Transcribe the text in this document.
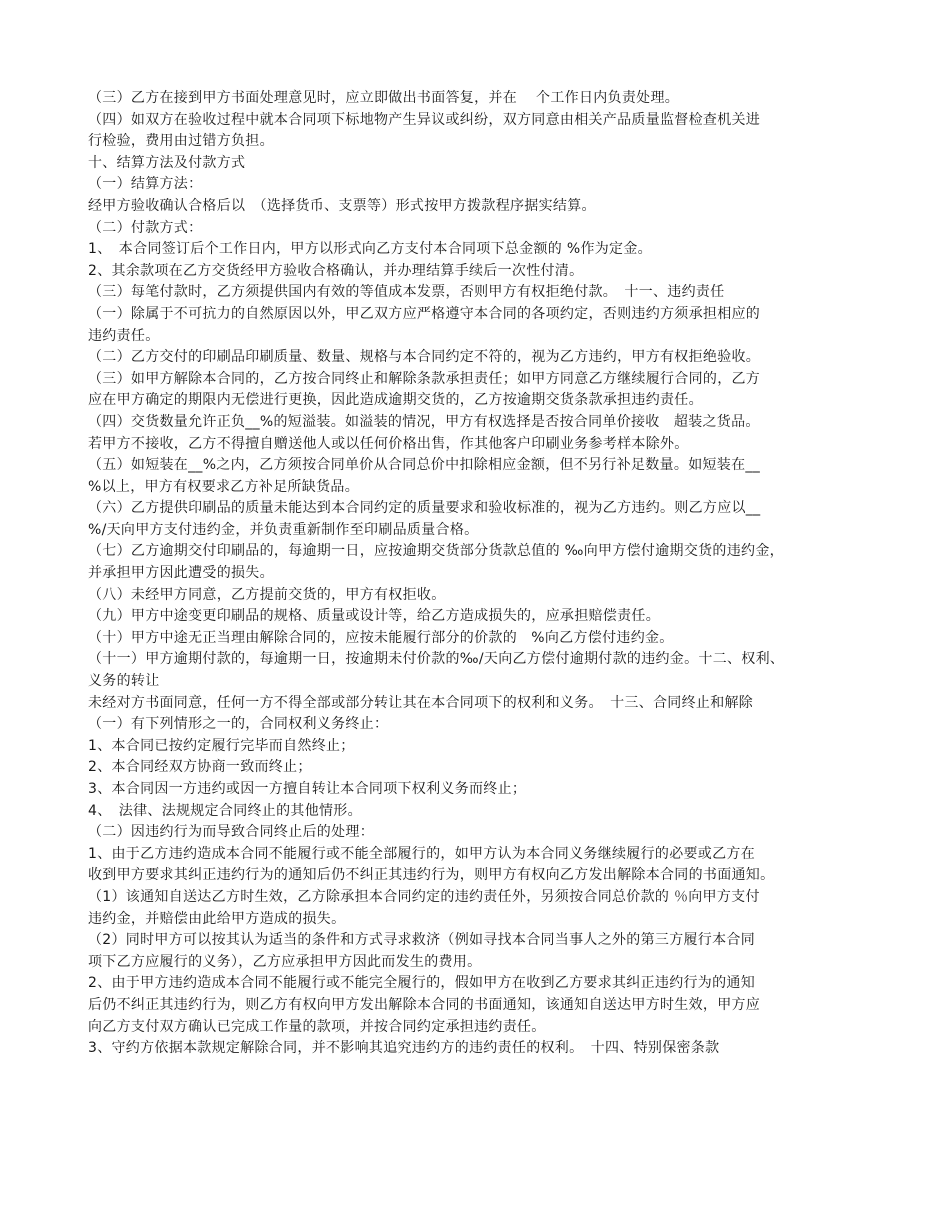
（三）乙方在接到甲方书面处理意见时，应立即做出书面答复，并在　 个工作日内负责处理。
（四）如双方在验收过程中就本合同项下标地物产生异议或纠纷，双方同意由相关产品质量监督检查机关进
行检验，费用由过错方负担。
十、结算方法及付款方式
（一）结算方法：
经甲方验收确认合格后以　（选择货币、支票等）形式按甲方拨款程序据实结算。
（二）付款方式：
1、　本合同签订后个工作日内，甲方以形式向乙方支付本合同项下总金额的 %作为定金。
2、其余款项在乙方交货经甲方验收合格确认，并办理结算手续后一次性付清。
（三）每笔付款时，乙方须提供国内有效的等值成本发票，否则甲方有权拒绝付款。　十一、违约责任
（一）除属于不可抗力的自然原因以外，甲乙双方应严格遵守本合同的各项约定，否则违约方须承担相应的
违约责任。
（二）乙方交付的印刷品印刷质量、数量、规格与本合同约定不符的，视为乙方违约，甲方有权拒绝验收。
（三）如甲方解除本合同的，乙方按合同终止和解除条款承担责任；如甲方同意乙方继续履行合同的，乙方
应在甲方确定的期限内无偿进行更换，因此造成逾期交货的，乙方按逾期交货条款承担违约责任。
（四）交货数量允许正负__%的短溢装。如溢装的情况，甲方有权选择是否按合同单价接收　超装之货品。
若甲方不接收，乙方不得擅自赠送他人或以任何价格出售，作其他客户印刷业务参考样本除外。
（五）如短装在__%之内，乙方须按合同单价从合同总价中扣除相应金额，但不另行补足数量。如短装在__
%以上，甲方有权要求乙方补足所缺货品。
（六）乙方提供印刷品的质量未能达到本合同约定的质量要求和验收标准的，视为乙方违约。则乙方应以__
%/天向甲方支付违约金，并负责重新制作至印刷品质量合格。
（七）乙方逾期交付印刷品的，每逾期一日，应按逾期交货部分货款总值的 ‰向甲方偿付逾期交货的违约金，
并承担甲方因此遭受的损失。
（八）未经甲方同意，乙方提前交货的，甲方有权拒收。
（九）甲方中途变更印刷品的规格、质量或设计等，给乙方造成损失的，应承担赔偿责任。
（十）甲方中途无正当理由解除合同的，应按未能履行部分的价款的　%向乙方偿付违约金。
（十一）甲方逾期付款的，每逾期一日，按逾期未付价款的‰/天向乙方偿付逾期付款的违约金。十二、权利、
义务的转让
未经对方书面同意，任何一方不得全部或部分转让其在本合同项下的权利和义务。　十三、合同终止和解除
（一）有下列情形之一的，合同权利义务终止：
1、本合同已按约定履行完毕而自然终止；
2、本合同经双方协商一致而终止；
3、本合同因一方违约或因一方擅自转让本合同项下权利义务而终止；
4、　法律、法规规定合同终止的其他情形。
（二）因违约行为而导致合同终止后的处理：
1、由于乙方违约造成本合同不能履行或不能全部履行的，如甲方认为本合同义务继续履行的必要或乙方在
收到甲方要求其纠正违约行为的通知后仍不纠正其违约行为，则甲方有权向乙方发出解除本合同的书面通知。
（1）该通知自送达乙方时生效，乙方除承担本合同约定的违约责任外，另须按合同总价款的 ％向甲方支付
违约金，并赔偿由此给甲方造成的损失。
（2）同时甲方可以按其认为适当的条件和方式寻求救济（例如寻找本合同当事人之外的第三方履行本合同
项下乙方应履行的义务），乙方应承担甲方因此而发生的费用。
2、由于甲方违约造成本合同不能履行或不能完全履行的，假如甲方在收到乙方要求其纠正违约行为的通知
后仍不纠正其违约行为，则乙方有权向甲方发出解除本合同的书面通知，该通知自送达甲方时生效，甲方应
向乙方支付双方确认已完成工作量的款项，并按合同约定承担违约责任。
3、守约方依据本款规定解除合同，并不影响其追究违约方的违约责任的权利。　十四、特别保密条款
